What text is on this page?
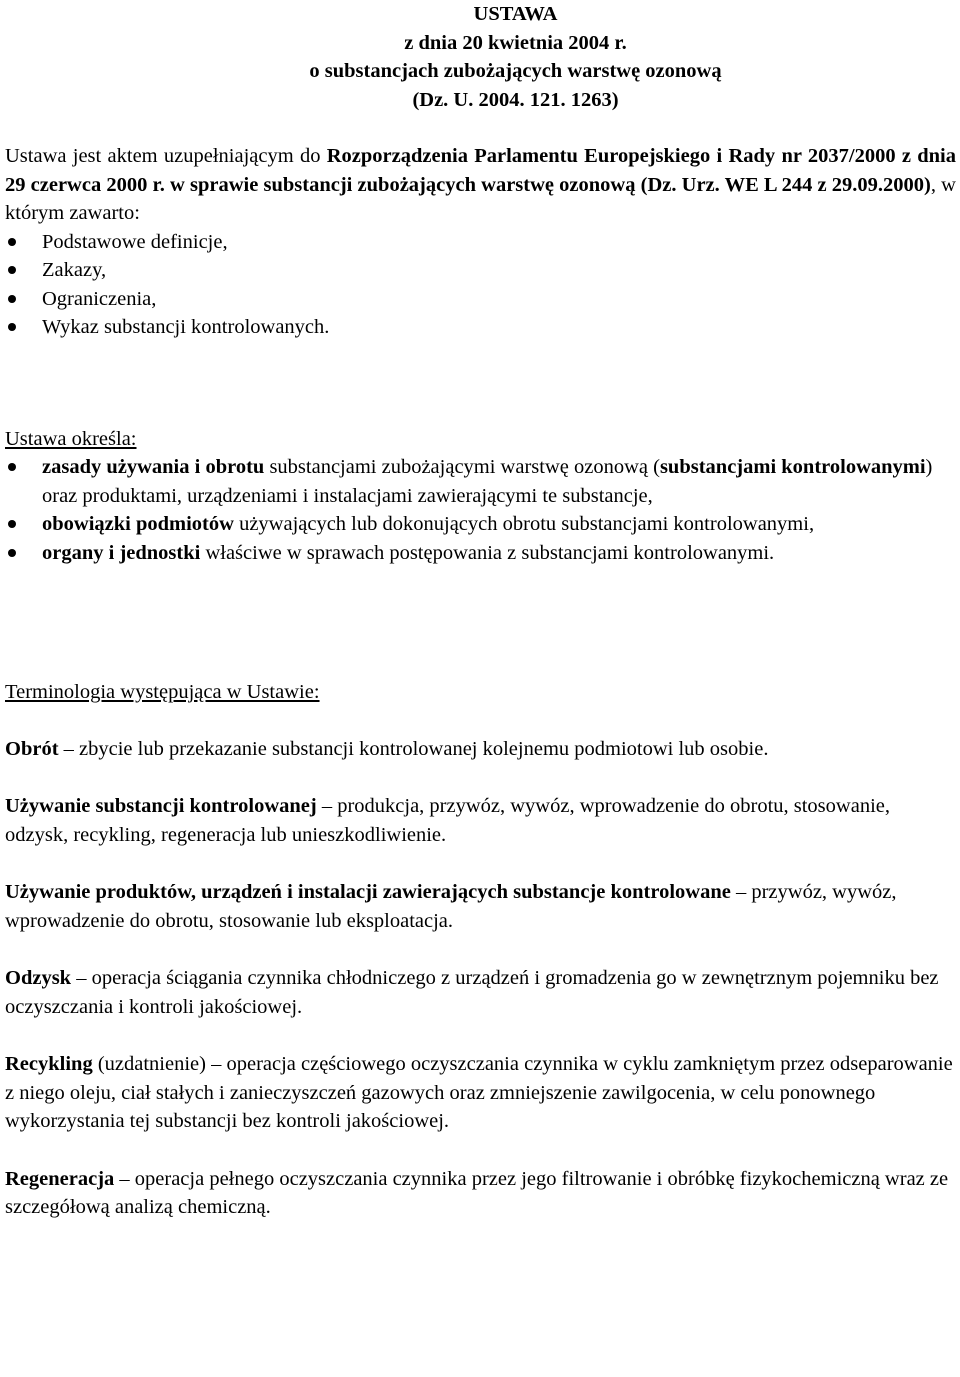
USTAWA
z dnia 20 kwietnia 2004 r.
o substancjach zubożających warstwę ozonową
(Dz. U. 2004. 121. 1263)
Ustawa jest aktem uzupełniającym do Rozporządzenia Parlamentu Europejskiego i Rady nr 2037/2000 z dnia 29 czerwca 2000 r. w sprawie substancji zubożających warstwę ozonową (Dz. Urz. WE L 244 z 29.09.2000), w którym zawarto:
Podstawowe definicje,
Zakazy,
Ograniczenia,
Wykaz substancji kontrolowanych.
Ustawa określa:
zasady używania i obrotu substancjami zubożającymi warstwę ozonową (substancjami kontrolowanymi) oraz produktami, urządzeniami i instalacjami zawierającymi te substancje,
obowiązki podmiotów używających lub dokonujących obrotu substancjami kontrolowanymi,
organy i jednostki właściwe w sprawach postępowania z substancjami kontrolowanymi.
Terminologia występująca w Ustawie:

Obrót – zbycie lub przekazanie substancji kontrolowanej kolejnemu podmiotowi lub osobie.

Używanie substancji kontrolowanej – produkcja, przywóz, wywóz, wprowadzenie do obrotu, stosowanie, odzysk, recykling, regeneracja lub unieszkodliwienie.

Używanie produktów, urządzeń i instalacji zawierających substancje kontrolowane – przywóz, wywóz, wprowadzenie do obrotu, stosowanie lub eksploatacja.

Odzysk – operacja ściągania czynnika chłodniczego z urządzeń i gromadzenia go w zewnętrznym pojemniku bez oczyszczania i kontroli jakościowej.

Recykling (uzdatnienie) – operacja częściowego oczyszczania czynnika w cyklu zamkniętym przez odseparowanie z niego oleju, ciał stałych i zanieczyszczeń gazowych oraz zmniejszenie zawilgocenia, w celu ponownego wykorzystania tej substancji bez kontroli jakościowej.

Regeneracja – operacja pełnego oczyszczania czynnika przez jego filtrowanie i obróbkę fizykochemiczną wraz ze szczegółową analizą chemiczną.
